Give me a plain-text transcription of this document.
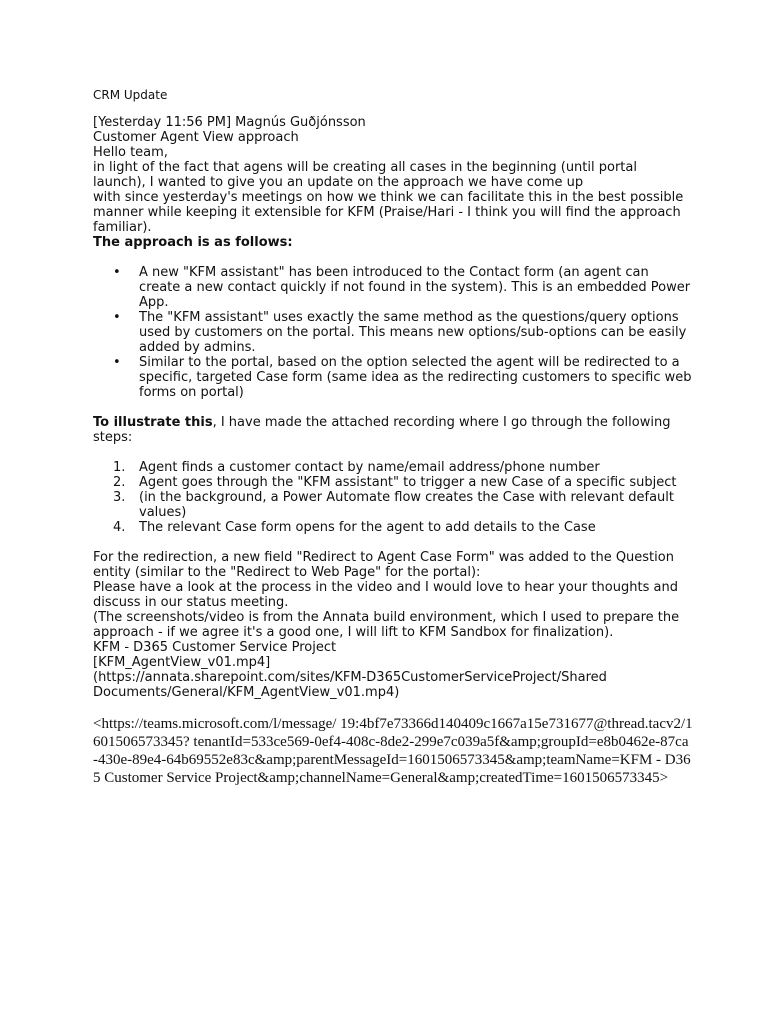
CRM Update

[Yesterday 11:56 PM] Magnús Guðjónsson

Customer Agent View approach

Hello team,

in light of the fact that agens will be creating all cases in the beginning (until portal launch), I wanted to give you an update on the approach we have come up

with since yesterday's meetings on how we think we can facilitate this in the best possible manner while keeping it extensible for KFM (Praise/Hari - I think you will find the approach familiar).

The approach is as follows:

• A new "KFM assistant" has been introduced to the Contact form (an agent can create a new contact quickly if not found in the system). This is an embedded Power App.
• The "KFM assistant" uses exactly the same method as the questions/query options used by customers on the portal. This means new options/sub-options can be easily added by admins.
• Similar to the portal, based on the option selected the agent will be redirected to a specific, targeted Case form (same idea as the redirecting customers to specific web forms on portal)

To illustrate this, I have made the attached recording where I go through the following steps:

1. Agent finds a customer contact by name/email address/phone number
2. Agent goes through the "KFM assistant" to trigger a new Case of a specific subject
3. (in the background, a Power Automate flow creates the Case with relevant default values)
4. The relevant Case form opens for the agent to add details to the Case

For the redirection, a new field "Redirect to Agent Case Form" was added to the Question entity (similar to the "Redirect to Web Page" for the portal):

Please have a look at the process in the video and I would love to hear your thoughts and discuss in our status meeting.

(The screenshots/video is from the Annata build environment, which I used to prepare the approach - if we agree it's a good one, I will lift to KFM Sandbox for finalization).

KFM - D365 Customer Service Project

[KFM_AgentView_v01.mp4]

(https://annata.sharepoint.com/sites/KFM-D365CustomerServiceProject/Shared Documents/General/KFM_AgentView_v01.mp4)

<https://teams.microsoft.com/l/message/ 19:4bf7e73366d140409c1667a15e731677@thread.tacv2/1601506573345? tenantId=533ce569-0ef4-408c-8de2-299e7c039a5f&amp;groupId=e8b0462e-87ca-430e-89e4-64b69552e83c&amp;parentMessageId=1601506573345&amp;teamName=KFM - D365 Customer Service Project&amp;channelName=General&amp;createdTime=1601506573345>
